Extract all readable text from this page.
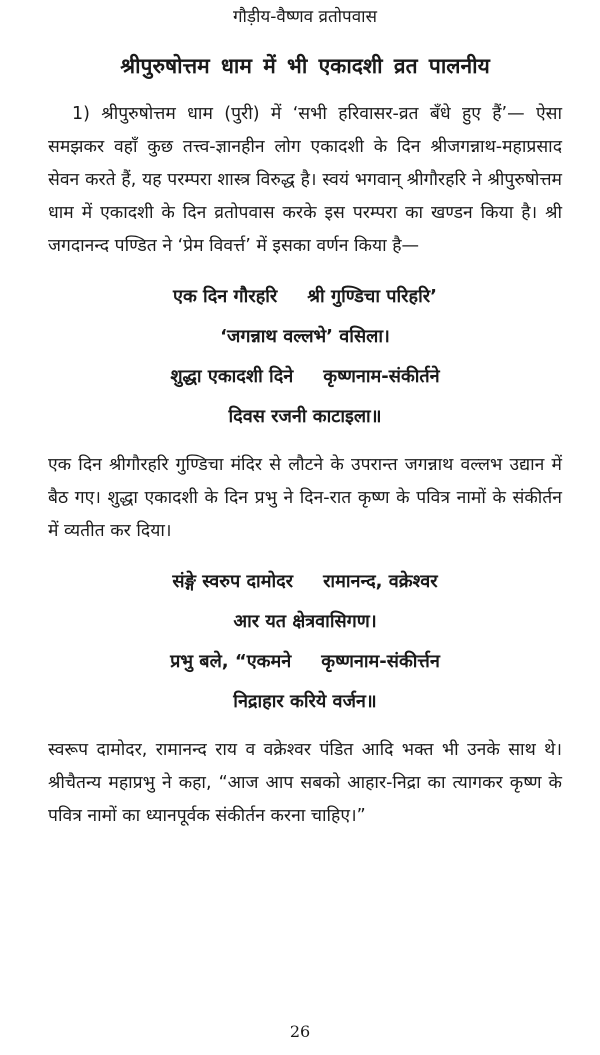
गौड़ीय-वैष्णव व्रतोपवास
श्रीपुरुषोत्तम धाम में भी एकादशी व्रत पालनीय

1) श्रीपुरुषोत्तम धाम (पुरी) में ‘सभी हरिवासर-व्रत बँधे हुए हैं’— ऐसा समझकर वहाँ कुछ तत्त्व-ज्ञानहीन लोग एकादशी के दिन श्रीजगन्नाथ-महाप्रसाद सेवन करते हैं, यह परम्परा शास्त्र विरुद्ध है। स्वयं भगवान् श्रीगौरहरि ने श्रीपुरुषोत्तम धाम में एकादशी के दिन व्रतोपवास करके इस परम्परा का खण्डन किया है। श्री जगदानन्द पण्डित ने ‘प्रेम विवर्त्त’ में इसका वर्णन किया है—

एक दिन गौरहरि श्री गुण्डिचा परिहरि’
‘जगन्नाथ वल्लभे’ वसिला।
शुद्धा एकादशी दिने कृष्णनाम-संकीर्तने
दिवस रजनी काटाइला॥

एक दिन श्रीगौरहरि गुण्डिचा मंदिर से लौटने के उपरान्त जगन्नाथ वल्लभ उद्यान में बैठ गए। शुद्धा एकादशी के दिन प्रभु ने दिन-रात कृष्ण के पवित्र नामों के संकीर्तन में व्यतीत कर दिया।

संङ्गे स्वरुप दामोदर रामानन्द, वक्रेश्वर
आर यत क्षेत्रवासिगण।
प्रभु बले, “एकमने कृष्णनाम-संकीर्त्तन
निद्राहार करिये वर्जन॥

स्वरूप दामोदर, रामानन्द राय व वक्रेश्वर पंडित आदि भक्त भी उनके साथ थे। श्रीचैतन्य महाप्रभु ने कहा, “आज आप सबको आहार-निद्रा का त्यागकर कृष्ण के पवित्र नामों का ध्यानपूर्वक संकीर्तन करना चाहिए।”

26
